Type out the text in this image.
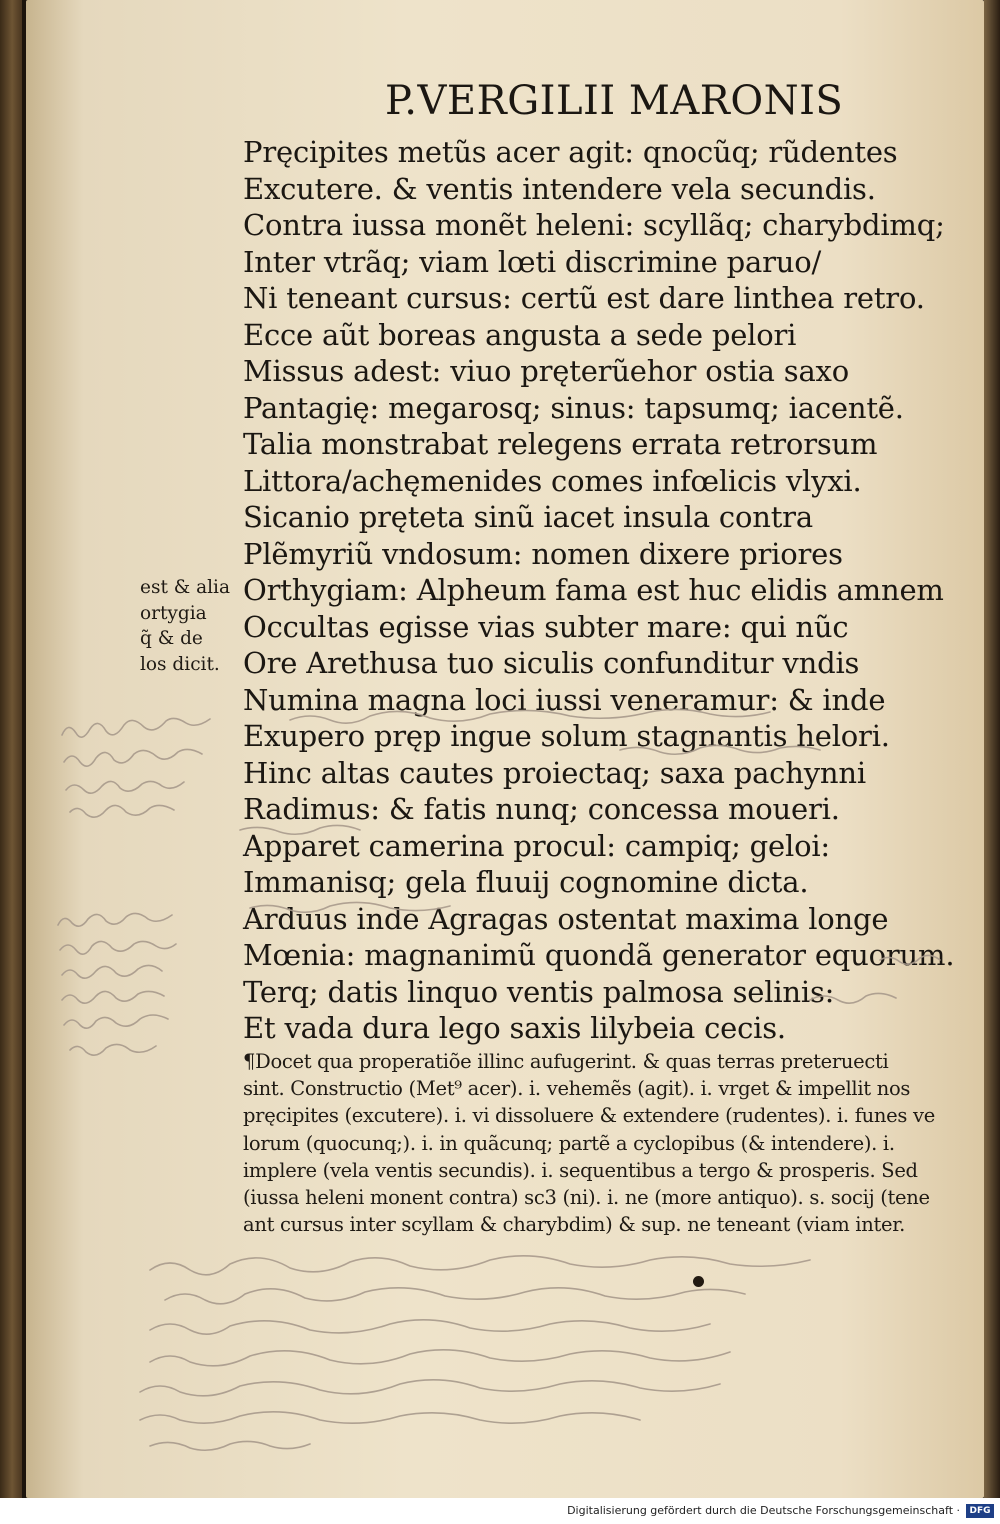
P.VERGILII MARONIS
est & alia
ortygia
q̃ & de
los dicit.
Pręcipites metũs acer agit: qnocũq; rũdentes
Excutere. & ventis intendere vela secundis.
Contra iussa monẽt heleni: scyllãq; charybdimq;
Inter vtrãq; viam lœti discrimine paruo/
Ni teneant cursus: certũ est dare linthea retro.
Ecce aũt boreas angusta a sede pelori
Missus adest: viuo pręterũehor ostia saxo
Pantagię: megarosq; sinus: tapsumq; iacentẽ.
Talia monstrabat relegens errata retrorsum
Littora/achęmenides comes infœlicis vlyxi.
Sicanio pręteta sinũ iacet insula contra
Plẽmyriũ vndosum: nomen dixere priores
Orthygiam: Alpheum fama est huc elidis amnem
Occultas egisse vias subter mare: qui nũc
Ore Arethusa tuo siculis confunditur vndis
Numina magna loci iussi veneramur: & inde
Exupero pręp ingue solum stagnantis helori.
Hinc altas cautes proiectaq; saxa pachynni
Radimus: & fatis nunq; concessa moueri.
Apparet camerina procul: campiq; geloi:
Immanisq; gela fluuij cognomine dicta.
Arduus inde Agragas ostentat maxima longe
Mœnia: magnanimũ quondã generator equorum.
Terq; datis linquo ventis palmosa selinis:
Et vada dura lego saxis lilybeia cecis.
¶Docet qua properatiõe illinc aufugerint. & quas terras preteruecti
sint. Constructio (Met⁹ acer). i. vehemẽs (agit). i. vrget & impellit nos
pręcipites (excutere). i. vi dissoluere & extendere (rudentes). i. funes ve
lorum (quocunq;). i. in quãcunq; partẽ a cyclopibus (& intendere). i.
implere (vela ventis secundis). i. sequentibus a tergo & prosperis. Sed
(iussa heleni monent contra) sc3 (ni). i. ne (more antiquo). s. socij (tene
ant cursus inter scyllam & charybdim) & sup. ne teneant (viam inter.
Digitalisierung gefördert durch die Deutsche Forschungsgemeinschaft ·	DFG
